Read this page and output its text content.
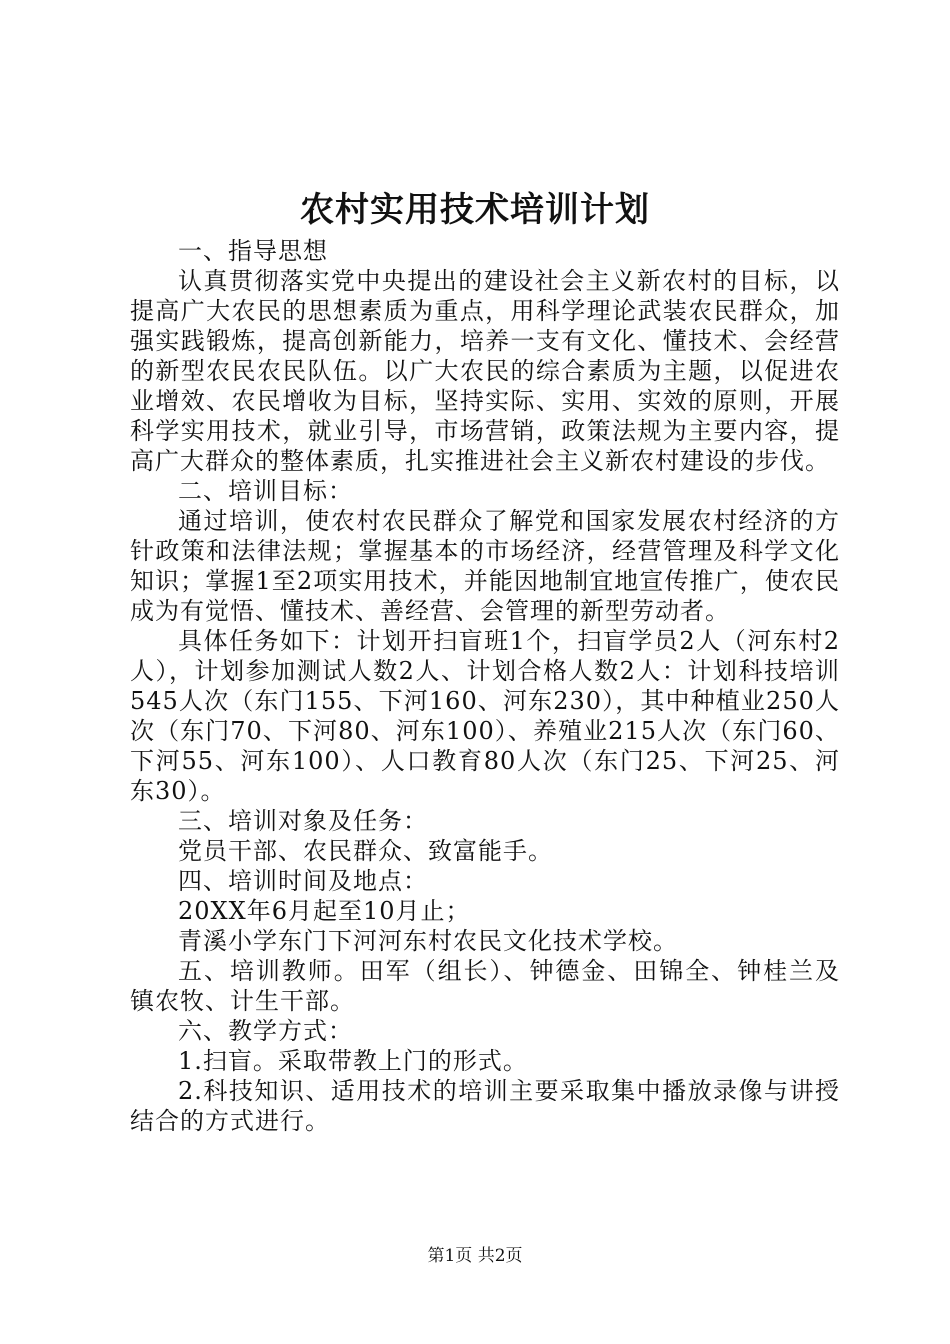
农村实用技术培训计划

一、指导思想

认真贯彻落实党中央提出的建设社会主义新农村的目标，以提高广大农民的思想素质为重点，用科学理论武装农民群众，加强实践锻炼，提高创新能力，培养一支有文化、懂技术、会经营的新型农民农民队伍。以广大农民的综合素质为主题，以促进农业增效、农民增收为目标，坚持实际、实用、实效的原则，开展科学实用技术，就业引导，市场营销，政策法规为主要内容，提高广大群众的整体素质，扎实推进社会主义新农村建设的步伐。

二、培训目标：

通过培训，使农村农民群众了解党和国家发展农村经济的方针政策和法律法规；掌握基本的市场经济，经营管理及科学文化知识；掌握1至2项实用技术，并能因地制宜地宣传推广，使农民成为有觉悟、懂技术、善经营、会管理的新型劳动者。

具体任务如下：计划开扫盲班1个，扫盲学员2人（河东村2人），计划参加测试人数2人、计划合格人数2人：计划科技培训545人次（东门155、下河160、河东230），其中种植业250人次（东门70、下河80、河东100）、养殖业215人次（东门60、下河55、河东100）、人口教育80人次（东门25、下河25、河东30）。

三、培训对象及任务：

党员干部、农民群众、致富能手。

四、培训时间及地点：

20XX年6月起至10月止；

青溪小学东门下河河东村农民文化技术学校。

五、培训教师。田军（组长）、钟德金、田锦全、钟桂兰及镇农牧、计生干部。

六、教学方式：

1.扫盲。采取带教上门的形式。

2.科技知识、适用技术的培训主要采取集中播放录像与讲授结合的方式进行。

第1页 共2页
